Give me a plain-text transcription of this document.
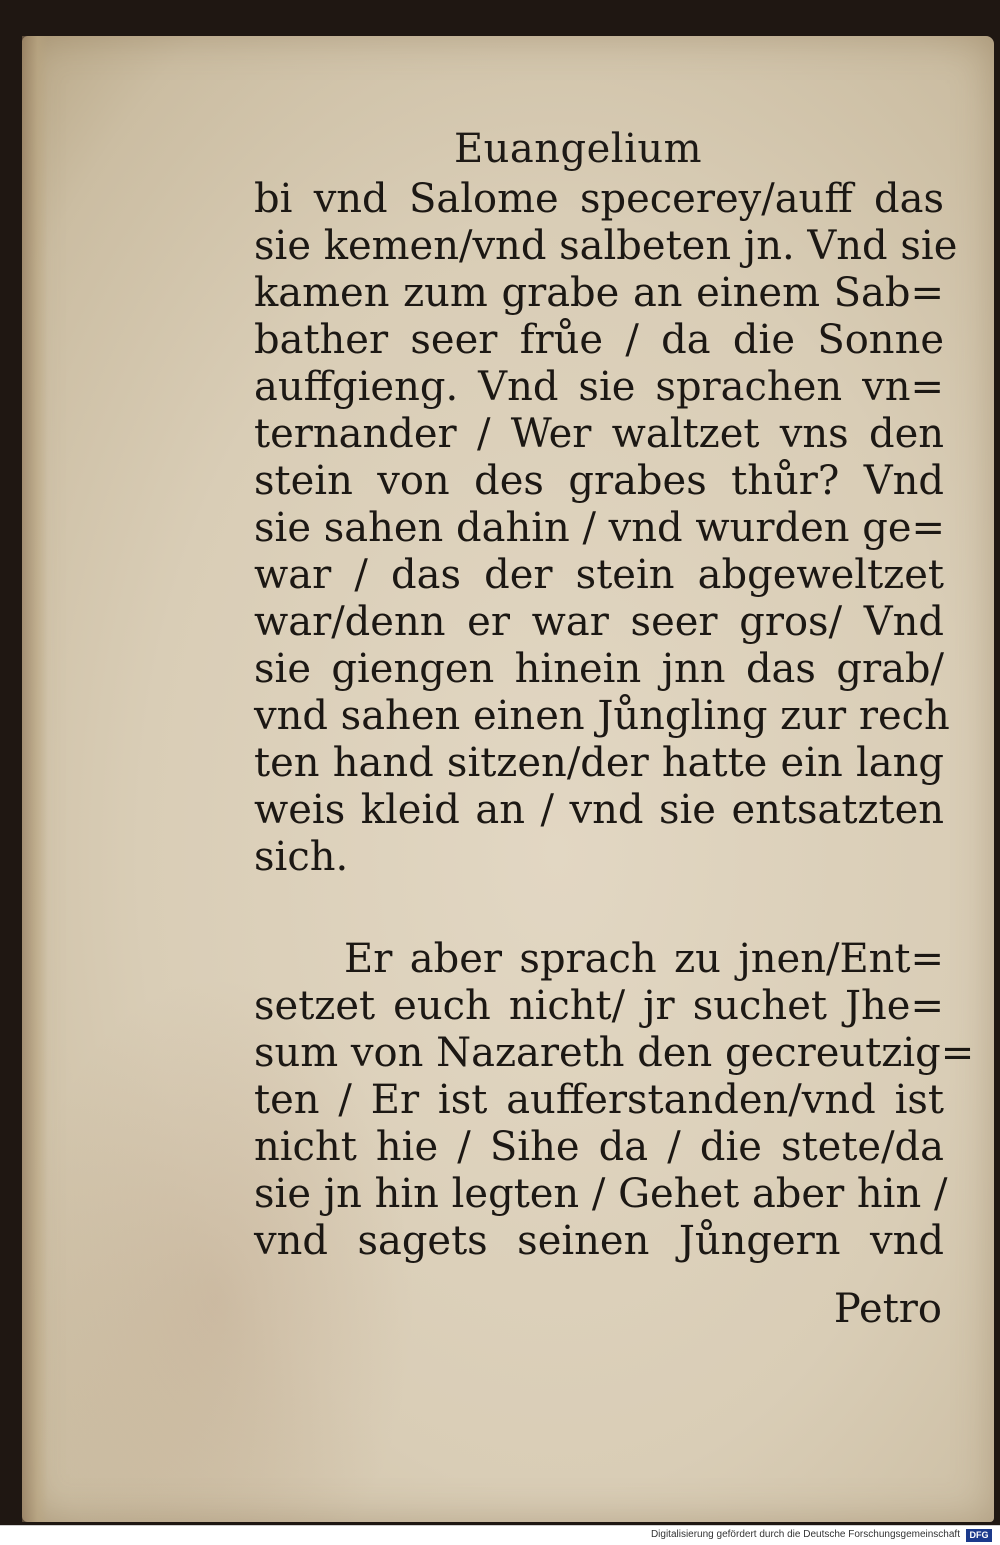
Euangelium
bi vnd Salome specerey/auff das
sie kemen/vnd salbeten jn. Vnd sie
kamen zum grabe an einem Sab=
bather seer frůe / da die Sonne
auffgieng. Vnd sie sprachen vn=
ternander / Wer waltzet vns den
stein von des grabes thůr? Vnd
sie sahen dahin / vnd wurden ge=
war / das der stein abgeweltzet
war/denn er war seer gros/ Vnd
sie giengen hinein jnn das grab/
vnd sahen einen Jůngling zur rech
ten hand sitzen/der hatte ein lang
weis kleid an / vnd sie entsatzten
sich.
Er aber sprach zu jnen/Ent=
setzet euch nicht/ jr suchet Jhe=
sum von Nazareth den gecreutzig=
ten / Er ist aufferstanden/vnd ist
nicht hie / Sihe da / die stete/da
sie jn hin legten / Gehet aber hin /
vnd sagets seinen Jůngern vnd
Petro
Digitalisierung gefördert durch die Deutsche Forschungsgemeinschaft	DFG
